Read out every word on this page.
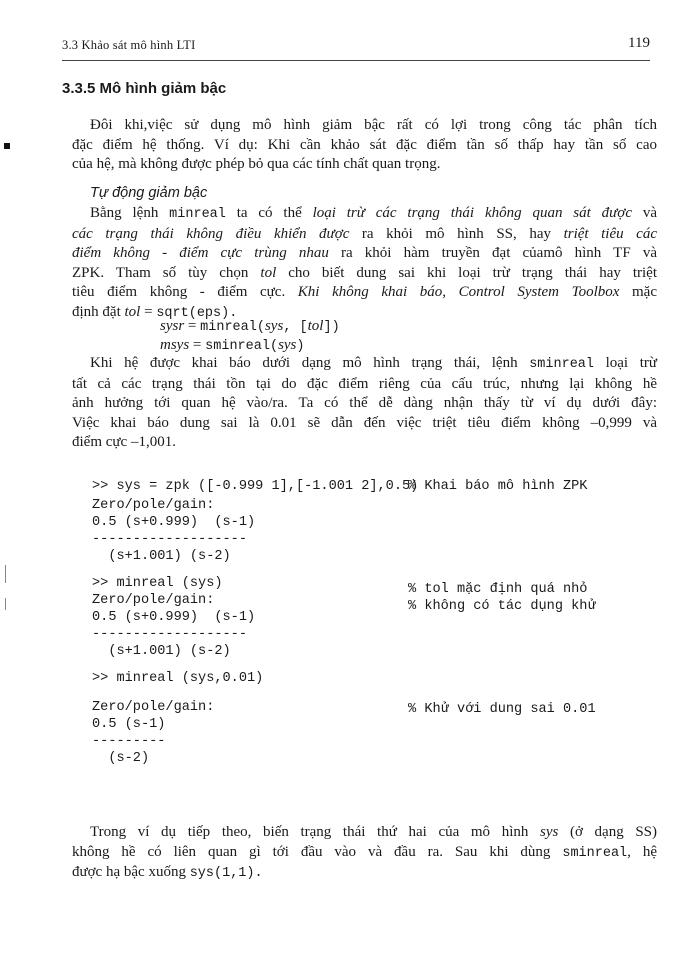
3.3 Khảo sát mô hình LTI	119
3.3.5 Mô hình giảm bậc
Đôi khi,việc sử dụng mô hình giảm bậc rất có lợi trong công tác phân tích
đặc điểm hệ thống. Ví dụ: Khi cần khảo sát đặc điểm tần số thấp hay tần số cao
của hệ, mà không được phép bỏ qua các tính chất quan trọng.
Tự động giảm bậc
Bằng lệnh minreal ta có thể loại trừ các trạng thái không quan sát được và
các trạng thái không điều khiển được ra khỏi mô hình SS, hay triệt tiêu các
điểm không - điểm cực trùng nhau ra khỏi hàm truyền đạt củamô hình TF và
ZPK. Tham số tùy chọn tol cho biết dung sai khi loại trừ trạng thái hay triệt
tiêu điểm không - điểm cực. Khi không khai báo, Control System Toolbox mặc
định đặt tol = sqrt(eps).
sysr = minreal(sys, [tol])
msys = sminreal(sys)
Khi hệ được khai báo dưới dạng mô hình trạng thái, lệnh sminreal loại trừ
tất cả các trạng thái tồn tại do đặc điểm riêng của cấu trúc, nhưng lại không hề
ảnh hưởng tới quan hệ vào/ra. Ta có thể dễ dàng nhận thấy từ ví dụ dưới đây:
Việc khai báo dung sai là 0.01 sẽ dẫn đến việc triệt tiêu điểm không –0,999 và
điểm cực –1,001.

>> sys = zpk ([-0.999 1],[-1.001 2],0.5)
Zero/pole/gain:
0.5 (s+0.999)  (s-1)
-------------------
(s+1.001) (s-2)
>> minreal (sys)
Zero/pole/gain:
0.5 (s+0.999)  (s-1)
-------------------
(s+1.001) (s-2)
>> minreal (sys,0.01)
Zero/pole/gain:
0.5 (s-1)
---------
(s-2)

% Khai báo mô hình ZPK
% tol mặc định quá nhỏ
% không có tác dụng khử
% Khử với dung sai 0.01
Trong ví dụ tiếp theo, biến trạng thái thứ hai của mô hình sys (ở dạng SS)
không hề có liên quan gì tới đầu vào và đầu ra. Sau khi dùng sminreal, hệ
được hạ bậc xuống sys(1,1).
